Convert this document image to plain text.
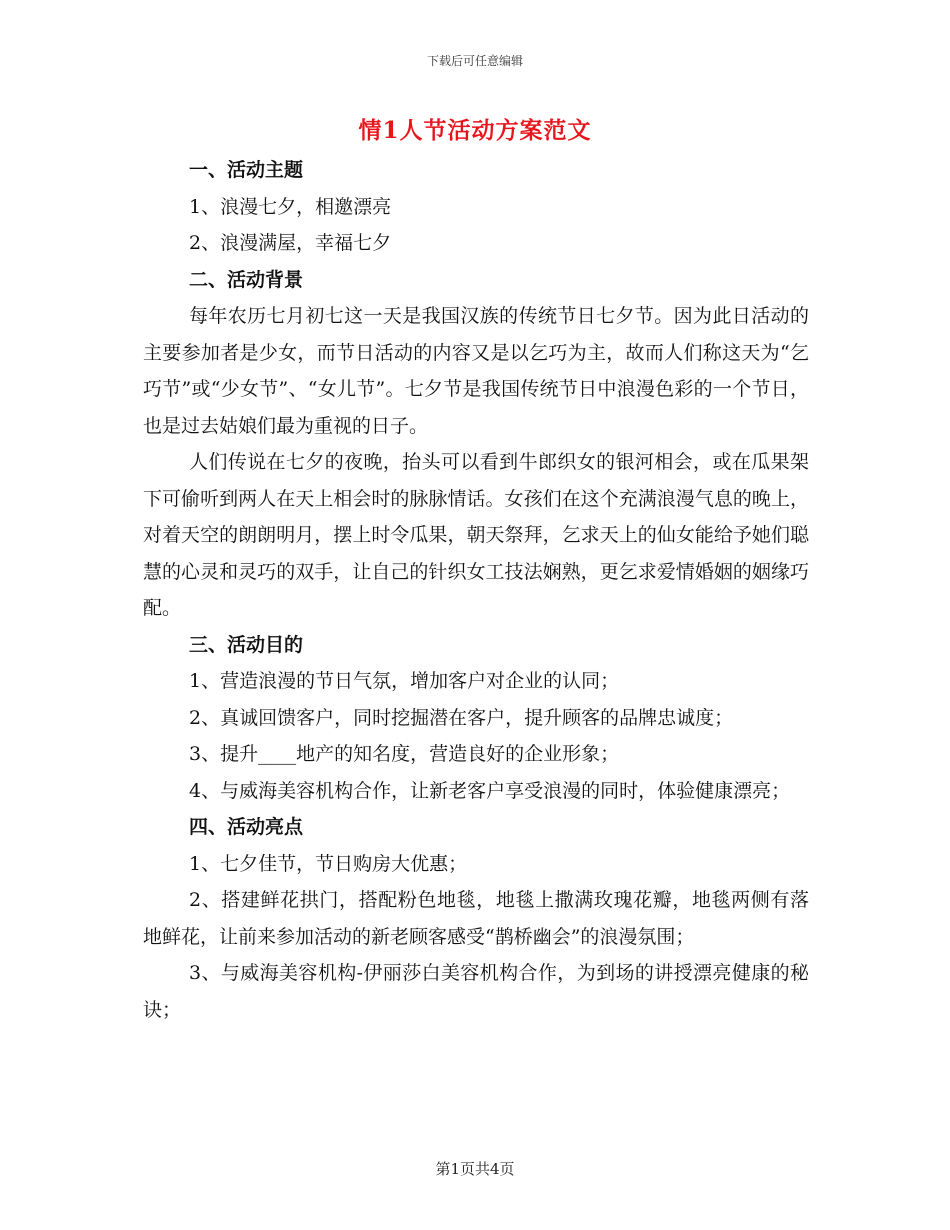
下载后可任意编辑
情1人节活动方案范文

一、活动主题

1、浪漫七夕，相邀漂亮

2、浪漫满屋，幸福七夕

二、活动背景

每年农历七月初七这一天是我国汉族的传统节日七夕节。因为此日活动的主要参加者是少女，而节日活动的内容又是以乞巧为主，故而人们称这天为“乞巧节”或“少女节”、“女儿节”。七夕节是我国传统节日中浪漫色彩的一个节日，也是过去姑娘们最为重视的日子。

人们传说在七夕的夜晚，抬头可以看到牛郎织女的银河相会，或在瓜果架下可偷听到两人在天上相会时的脉脉情话。女孩们在这个充满浪漫气息的晚上，对着天空的朗朗明月，摆上时令瓜果，朝天祭拜，乞求天上的仙女能给予她们聪慧的心灵和灵巧的双手，让自己的针织女工技法娴熟，更乞求爱情婚姻的姻缘巧配。

三、活动目的

1、营造浪漫的节日气氛，增加客户对企业的认同；

2、真诚回馈客户，同时挖掘潜在客户，提升顾客的品牌忠诚度；

3、提升____地产的知名度，营造良好的企业形象；

4、与威海美容机构合作，让新老客户享受浪漫的同时，体验健康漂亮；

四、活动亮点

1、七夕佳节，节日购房大优惠；

2、搭建鲜花拱门，搭配粉色地毯，地毯上撒满玫瑰花瓣，地毯两侧有落地鲜花，让前来参加活动的新老顾客感受“鹊桥幽会”的浪漫氛围；

3、与威海美容机构-伊丽莎白美容机构合作，为到场的讲授漂亮健康的秘诀；

第1页共4页
